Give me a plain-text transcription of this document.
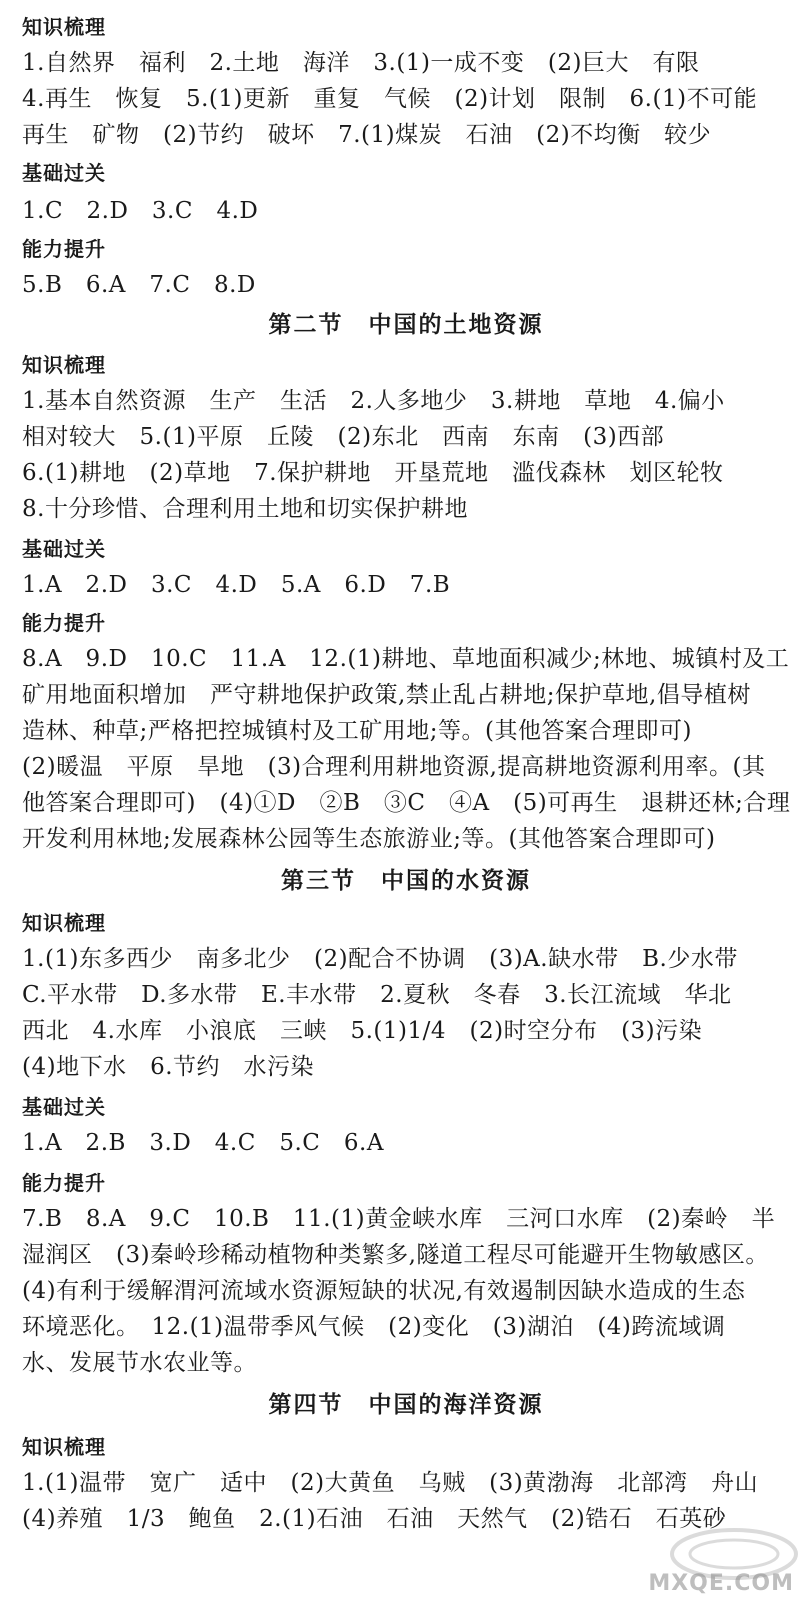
知识梳理
1.自然界　福利　2.土地　海洋　3.(1)一成不变　(2)巨大　有限
4.再生　恢复　5.(1)更新　重复　气候　(2)计划　限制　6.(1)不可能
再生　矿物　(2)节约　破坏　7.(1)煤炭　石油　(2)不均衡　较少
基础过关
1.C　2.D　3.C　4.D
能力提升
5.B　6.A　7.C　8.D
第二节　中国的土地资源
知识梳理
1.基本自然资源　生产　生活　2.人多地少　3.耕地　草地　4.偏小
相对较大　5.(1)平原　丘陵　(2)东北　西南　东南　(3)西部
6.(1)耕地　(2)草地　7.保护耕地　开垦荒地　滥伐森林　划区轮牧
8.十分珍惜、合理利用土地和切实保护耕地
基础过关
1.A　2.D　3.C　4.D　5.A　6.D　7.B
能力提升
8.A　9.D　10.C　11.A　12.(1)耕地、草地面积减少;林地、城镇村及工
矿用地面积增加　严守耕地保护政策,禁止乱占耕地;保护草地,倡导植树
造林、种草;严格把控城镇村及工矿用地;等。(其他答案合理即可)
(2)暖温　平原　旱地　(3)合理利用耕地资源,提高耕地资源利用率。(其
他答案合理即可)　(4)①D　②B　③C　④A　(5)可再生　退耕还林;合理
开发利用林地;发展森林公园等生态旅游业;等。(其他答案合理即可)
第三节　中国的水资源
知识梳理
1.(1)东多西少　南多北少　(2)配合不协调　(3)A.缺水带　B.少水带
C.平水带　D.多水带　E.丰水带　2.夏秋　冬春　3.长江流域　华北
西北　4.水库　小浪底　三峡　5.(1)1/4　(2)时空分布　(3)污染
(4)地下水　6.节约　水污染
基础过关
1.A　2.B　3.D　4.C　5.C　6.A
能力提升
7.B　8.A　9.C　10.B　11.(1)黄金峡水库　三河口水库　(2)秦岭　半
湿润区　(3)秦岭珍稀动植物种类繁多,隧道工程尽可能避开生物敏感区。
(4)有利于缓解渭河流域水资源短缺的状况,有效遏制因缺水造成的生态
环境恶化。　12.(1)温带季风气候　(2)变化　(3)湖泊　(4)跨流域调
水、发展节水农业等。
第四节　中国的海洋资源
知识梳理
1.(1)温带　宽广　适中　(2)大黄鱼　乌贼　(3)黄渤海　北部湾　舟山
(4)养殖　1/3　鲍鱼　2.(1)石油　石油　天然气　(2)锆石　石英砂
MXQE.COM
